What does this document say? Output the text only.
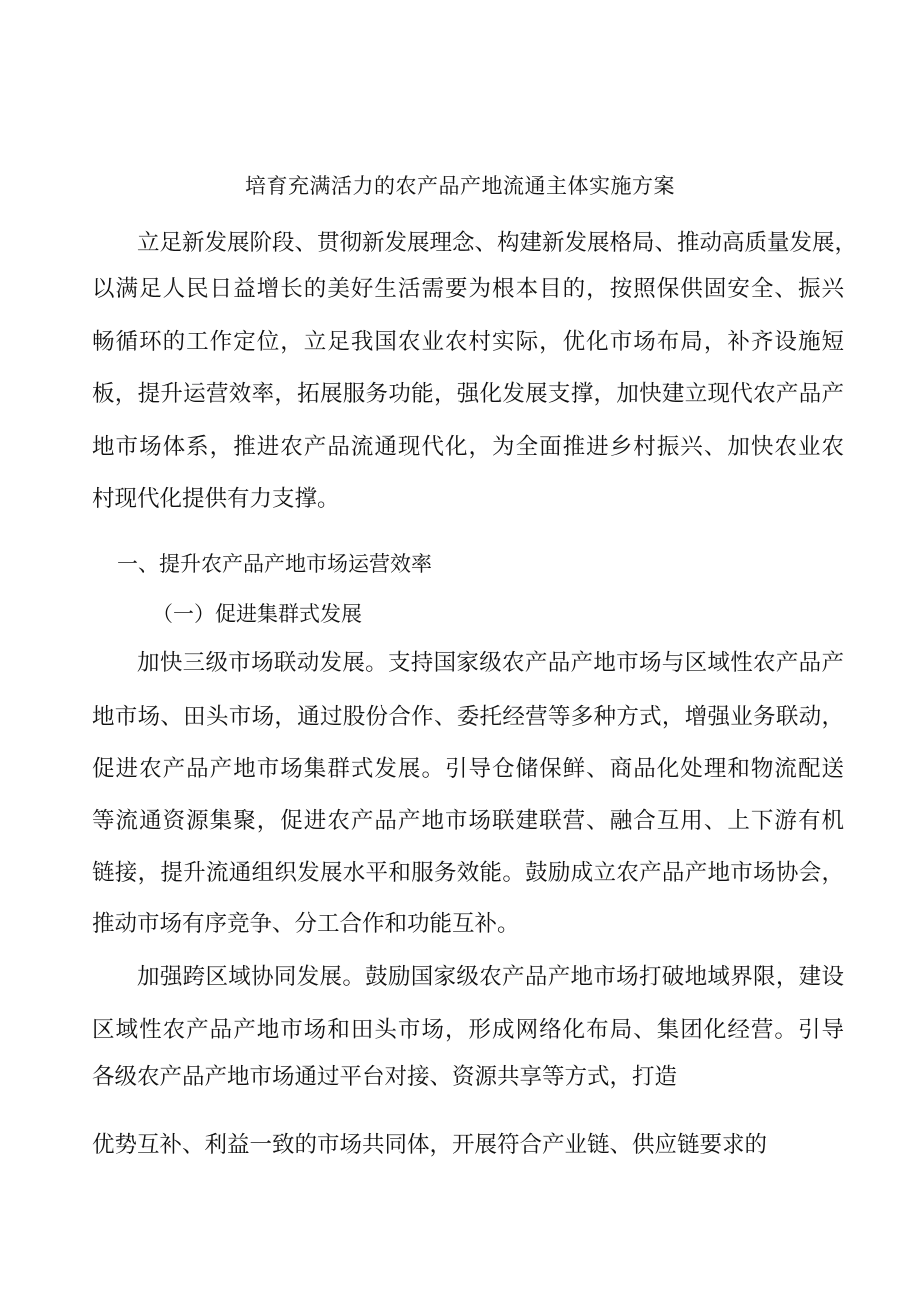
培育充满活力的农产品产地流通主体实施方案
立足新发展阶段、贯彻新发展理念、构建新发展格局、推动高质量发展，
以满足人民日益增长的美好生活需要为根本目的，按照保供固安全、振兴
畅循环的工作定位，立足我国农业农村实际，优化市场布局，补齐设施短
板，提升运营效率，拓展服务功能，强化发展支撑，加快建立现代农产品产
地市场体系，推进农产品流通现代化，为全面推进乡村振兴、加快农业农
村现代化提供有力支撑。
一、提升农产品产地市场运营效率
（一）促进集群式发展
加快三级市场联动发展。支持国家级农产品产地市场与区域性农产品产
地市场、田头市场，通过股份合作、委托经营等多种方式，增强业务联动，
促进农产品产地市场集群式发展。引导仓储保鲜、商品化处理和物流配送
等流通资源集聚，促进农产品产地市场联建联营、融合互用、上下游有机
链接，提升流通组织发展水平和服务效能。鼓励成立农产品产地市场协会，
推动市场有序竞争、分工合作和功能互补。
加强跨区域协同发展。鼓励国家级农产品产地市场打破地域界限，建设
区域性农产品产地市场和田头市场，形成网络化布局、集团化经营。引导
各级农产品产地市场通过平台对接、资源共享等方式，打造
优势互补、利益一致的市场共同体，开展符合产业链、供应链要求的
